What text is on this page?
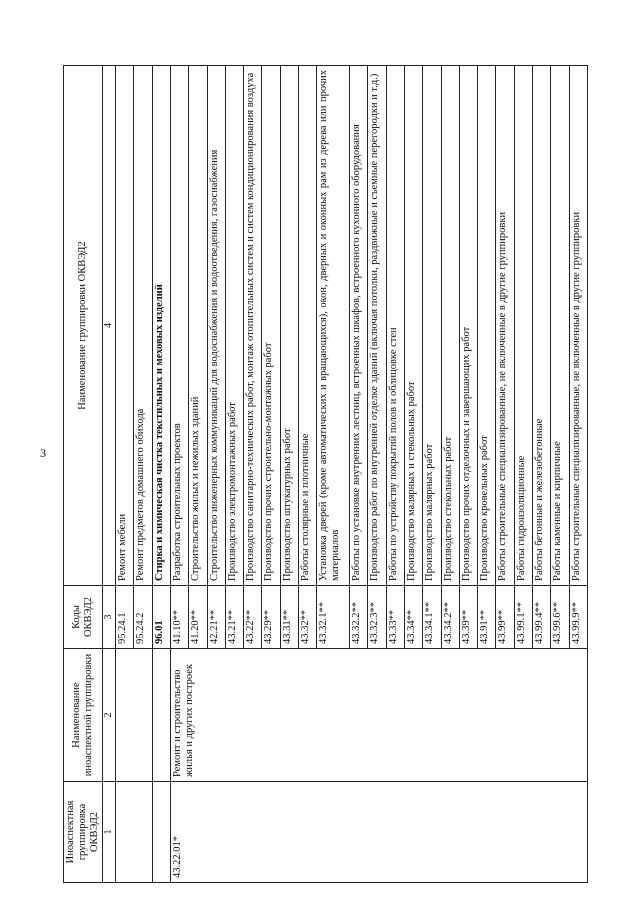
3
Иноаспектная группировка ОКВЭД2	Наименование иноаспектной группировки	Коды ОКВЭД2	Наименование группировки ОКВЭД2
1	2	3	4
		95.24.1	Ремонт мебели
		95.24.2	Ремонт предметов домашнего обихода
		96.01	Стирка и химическая чистка текстильных и меховых изделий
43.22.01*	Ремонт и строительство жилья и других построек	41.10**	Разработка строительных проектов
		41.20**	Строительство жилых и нежилых зданий
		42.21**	Строительство инженерных коммуникаций для водоснабжения и водоотведения, газоснабжения
		43.21**	Производство электромонтажных работ
		43.22**	Производство санитарно-технических работ, монтаж отопительных систем и систем кондиционирования воздуха
		43.29**	Производство прочих строительно-монтажных работ
		43.31**	Производство штукатурных работ
		43.32**	Работы столярные и плотничные
		43.32.1**	Установка дверей (кроме автоматических и вращающихся), окон, дверных и оконных рам из дерева или прочих материалов
		43.32.2**	Работы по установке внутренних лестниц, встроенных шкафов, встроенного кухонного оборудования
		43.32.3**	Производство работ по внутренней отделке зданий (включая потолки, раздвижные и съемные перегородки и т.д.)
		43.33**	Работы по устройству покрытий полов и облицовке стен
		43.34**	Производство малярных и стекольных работ
		43.34.1**	Производство малярных работ
		43.34.2**	Производство стекольных работ
		43.39**	Производство прочих отделочных и завершающих работ
		43.91**	Производство кровельных работ
		43.99**	Работы строительные специализированные, не включенные в другие группировки
		43.99.1**	Работы гидроизоляционные
		43.99.4**	Работы бетонные и железобетонные
		43.99.6**	Работы каменные и кирпичные
		43.99.9**	Работы строительные специализированные, не включенные в другие группировки
